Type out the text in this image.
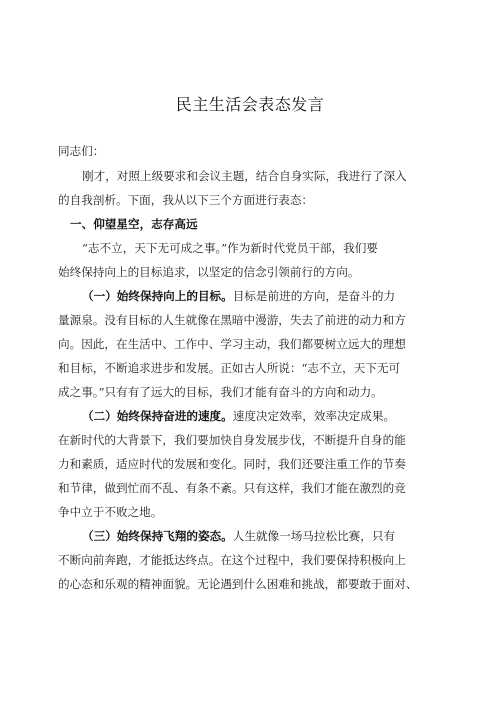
民主生活会表态发言
同志们：
刚才，对照上级要求和会议主题，结合自身实际，我进行了深入
的自我剖析。下面，我从以下三个方面进行表态：
一、仰望星空，志存高远
“志不立，天下无可成之事。”作为新时代党员干部，我们要
始终保持向上的目标追求，以坚定的信念引领前行的方向。
（一）始终保持向上的目标。目标是前进的方向，是奋斗的力
量源泉。没有目标的人生就像在黑暗中漫游，失去了前进的动力和方
向。因此，在生活中、工作中、学习主动，我们都要树立远大的理想
和目标，不断追求进步和发展。正如古人所说：“志不立，天下无可
成之事。”只有有了远大的目标，我们才能有奋斗的方向和动力。
（二）始终保持奋进的速度。速度决定效率，效率决定成果。
在新时代的大背景下，我们要加快自身发展步伐，不断提升自身的能
力和素质，适应时代的发展和变化。同时，我们还要注重工作的节奏
和节律，做到忙而不乱、有条不紊。只有这样，我们才能在激烈的竞
争中立于不败之地。
（三）始终保持飞翔的姿态。人生就像一场马拉松比赛，只有
不断向前奔跑，才能抵达终点。在这个过程中，我们要保持积极向上
的心态和乐观的精神面貌。无论遇到什么困难和挑战，都要敢于面对、
